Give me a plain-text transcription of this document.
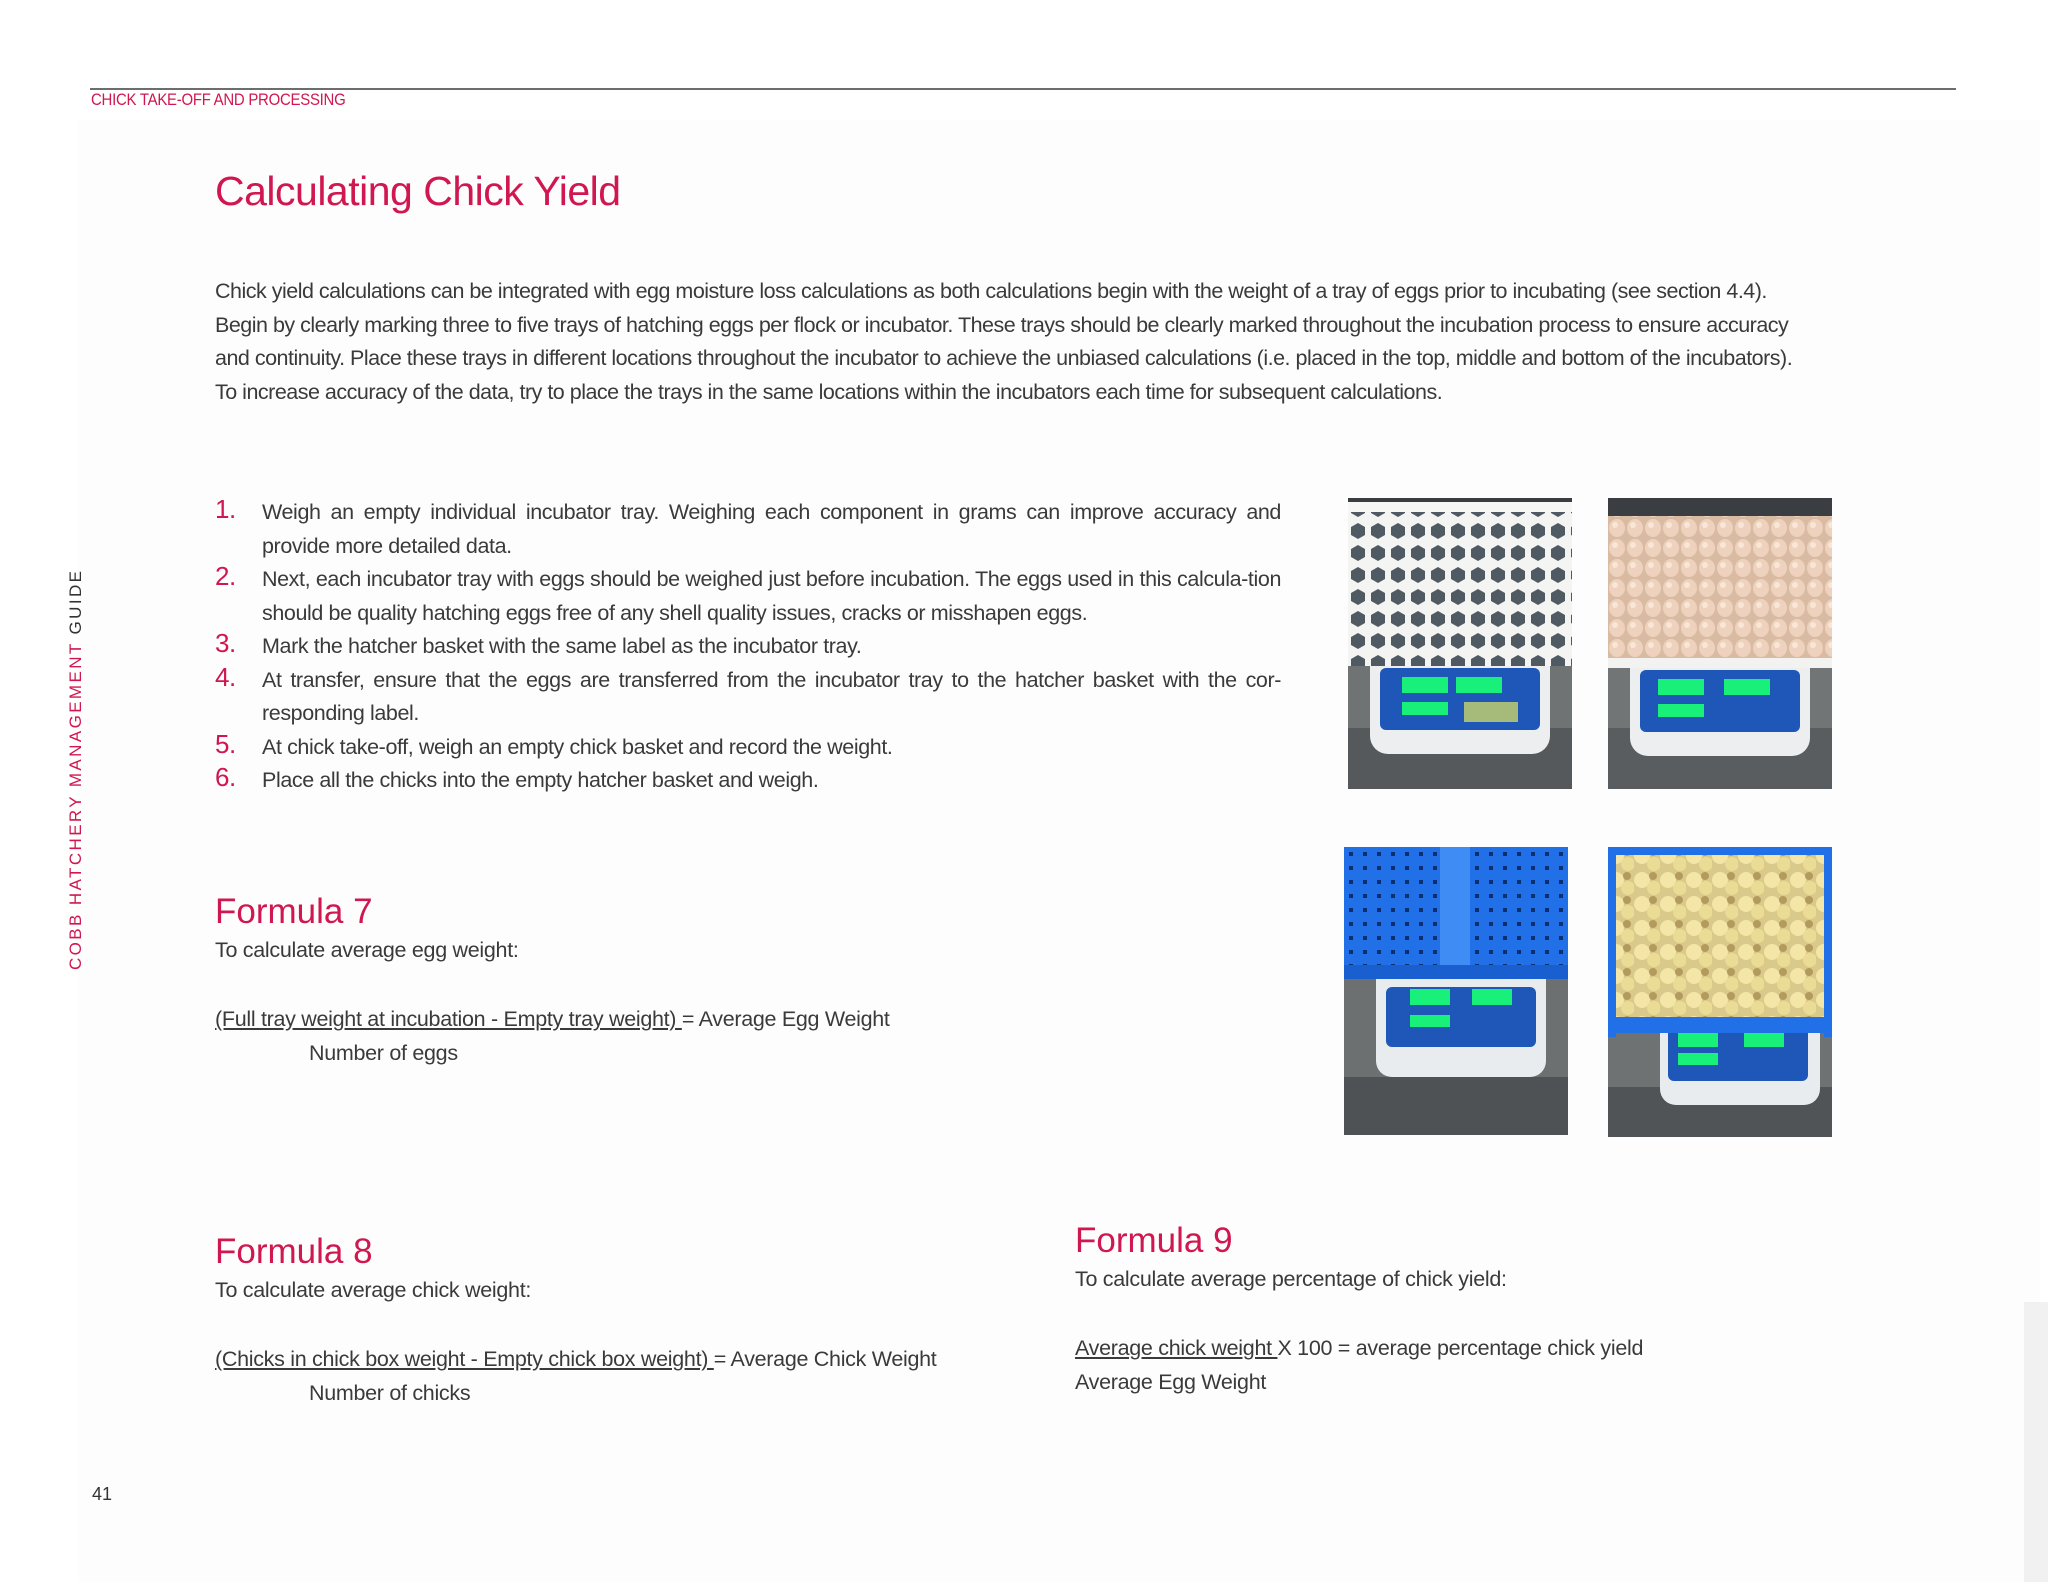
CHICK TAKE-OFF AND PROCESSING
COBB HATCHERY MANAGEMENT GUIDE
Calculating Chick Yield

Chick yield calculations can be integrated with egg moisture loss calculations as both calculations begin with the weight of a tray of eggs prior to incubating (see section 4.4). Begin by clearly marking three to five trays of hatching eggs per flock or incubator. These trays should be clearly marked throughout the incubation process to ensure accuracy and continuity. Place these trays in different locations throughout the incubator to achieve the unbiased calculations (i.e. placed in the top, middle and bottom of the incubators). To increase accuracy of the data, try to place the trays in the same locations within the incubators each time for subsequent calculations.

1. Weigh an empty individual incubator tray. Weighing each component in grams can improve accuracy and provide more detailed data.
2. Next, each incubator tray with eggs should be weighed just before incubation. The eggs used in this calcula-tion should be quality hatching eggs free of any shell quality issues, cracks or misshapen eggs.
3. Mark the hatcher basket with the same label as the incubator tray.
4. At transfer, ensure that the eggs are transferred from the incubator tray to the hatcher basket with the cor-responding label.
5. At chick take-off, weigh an empty chick basket and record the weight.
6. Place all the chicks into the empty hatcher basket and weigh.
Formula 7
To calculate average egg weight:
(Full tray weight at incubation - Empty tray weight) = Average Egg Weight
Number of eggs
Formula 8
To calculate average chick weight:
(Chicks in chick box weight - Empty chick box weight) = Average Chick Weight
Number of chicks
Formula 9
To calculate average percentage of chick yield:
Average chick weight X 100 = average percentage chick yield
Average Egg Weight
41
